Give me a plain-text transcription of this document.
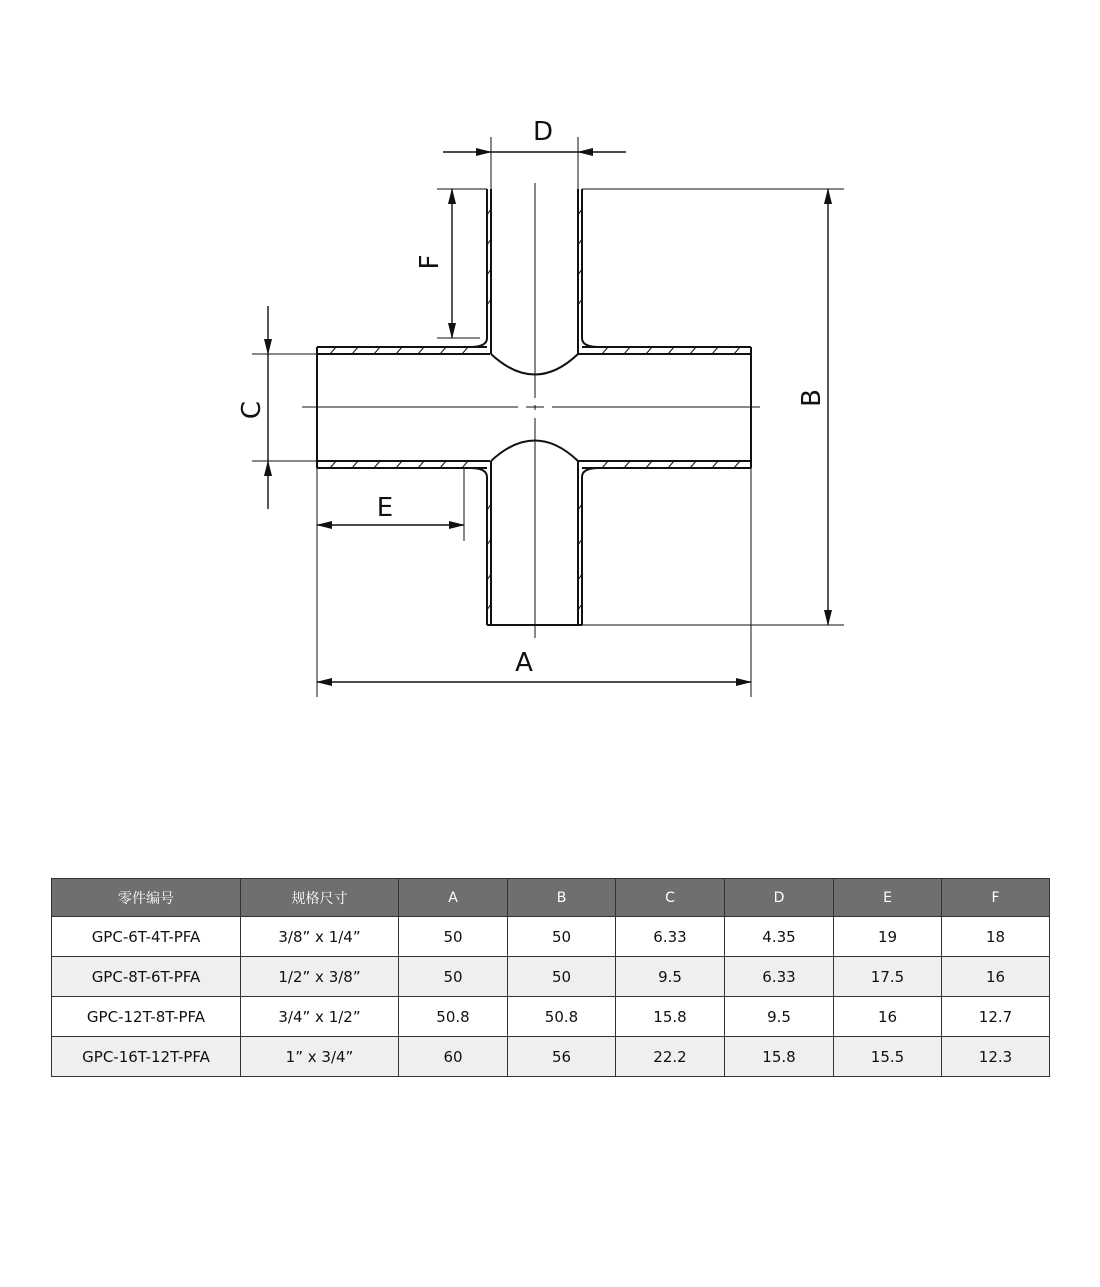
D
F
C
E
B
A
零件编号	规格尺寸	A	B	C	D	E	F
GPC-6T-4T-PFA	3/8” x 1/4”	50	50	6.33	4.35	19	18
GPC-8T-6T-PFA	1/2” x 3/8”	50	50	9.5	6.33	17.5	16
GPC-12T-8T-PFA	3/4” x 1/2”	50.8	50.8	15.8	9.5	16	12.7
GPC-16T-12T-PFA	1” x 3/4”	60	56	22.2	15.8	15.5	12.3
